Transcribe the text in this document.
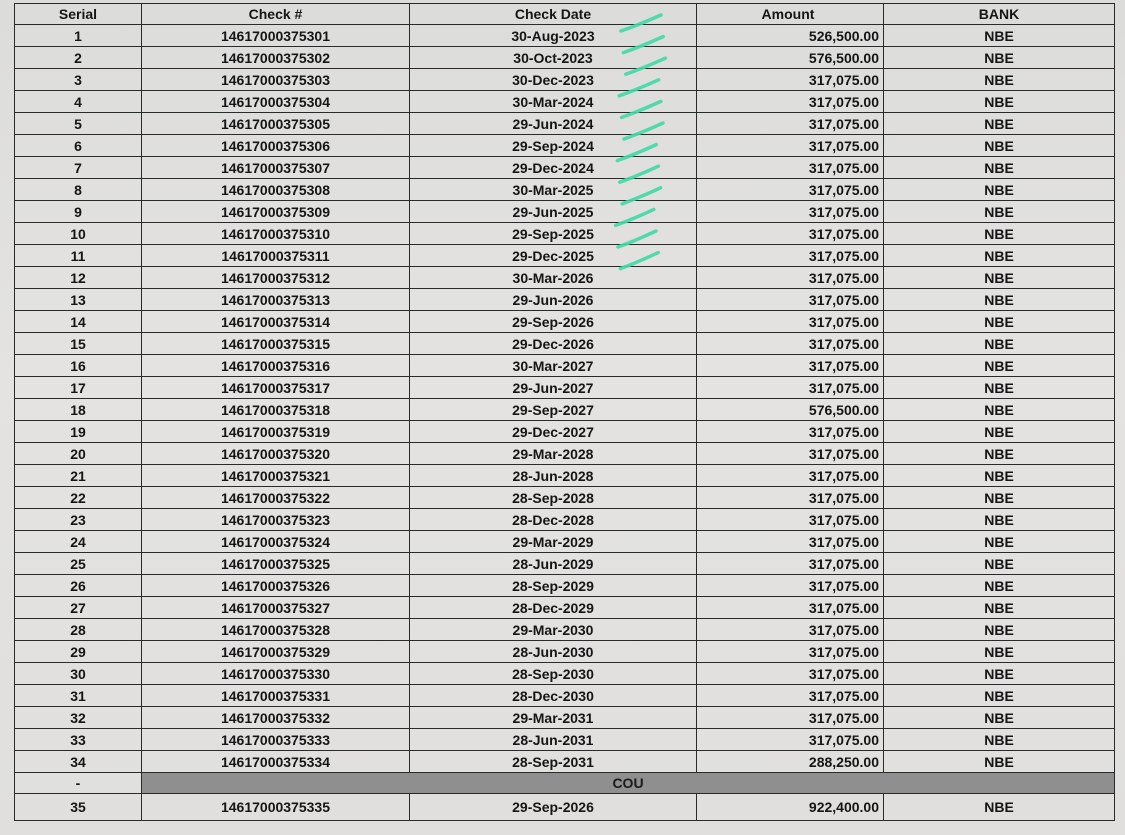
Serial	Check #	Check Date	Amount	BANK
1	14617000375301	30-Aug-2023	526,500.00	NBE
2	14617000375302	30-Oct-2023	576,500.00	NBE
3	14617000375303	30-Dec-2023	317,075.00	NBE
4	14617000375304	30-Mar-2024	317,075.00	NBE
5	14617000375305	29-Jun-2024	317,075.00	NBE
6	14617000375306	29-Sep-2024	317,075.00	NBE
7	14617000375307	29-Dec-2024	317,075.00	NBE
8	14617000375308	30-Mar-2025	317,075.00	NBE
9	14617000375309	29-Jun-2025	317,075.00	NBE
10	14617000375310	29-Sep-2025	317,075.00	NBE
11	14617000375311	29-Dec-2025	317,075.00	NBE
12	14617000375312	30-Mar-2026	317,075.00	NBE
13	14617000375313	29-Jun-2026	317,075.00	NBE
14	14617000375314	29-Sep-2026	317,075.00	NBE
15	14617000375315	29-Dec-2026	317,075.00	NBE
16	14617000375316	30-Mar-2027	317,075.00	NBE
17	14617000375317	29-Jun-2027	317,075.00	NBE
18	14617000375318	29-Sep-2027	576,500.00	NBE
19	14617000375319	29-Dec-2027	317,075.00	NBE
20	14617000375320	29-Mar-2028	317,075.00	NBE
21	14617000375321	28-Jun-2028	317,075.00	NBE
22	14617000375322	28-Sep-2028	317,075.00	NBE
23	14617000375323	28-Dec-2028	317,075.00	NBE
24	14617000375324	29-Mar-2029	317,075.00	NBE
25	14617000375325	28-Jun-2029	317,075.00	NBE
26	14617000375326	28-Sep-2029	317,075.00	NBE
27	14617000375327	28-Dec-2029	317,075.00	NBE
28	14617000375328	29-Mar-2030	317,075.00	NBE
29	14617000375329	28-Jun-2030	317,075.00	NBE
30	14617000375330	28-Sep-2030	317,075.00	NBE
31	14617000375331	28-Dec-2030	317,075.00	NBE
32	14617000375332	29-Mar-2031	317,075.00	NBE
33	14617000375333	28-Jun-2031	317,075.00	NBE
34	14617000375334	28-Sep-2031	288,250.00	NBE
-	COU			
35	14617000375335	29-Sep-2026	922,400.00	NBE
